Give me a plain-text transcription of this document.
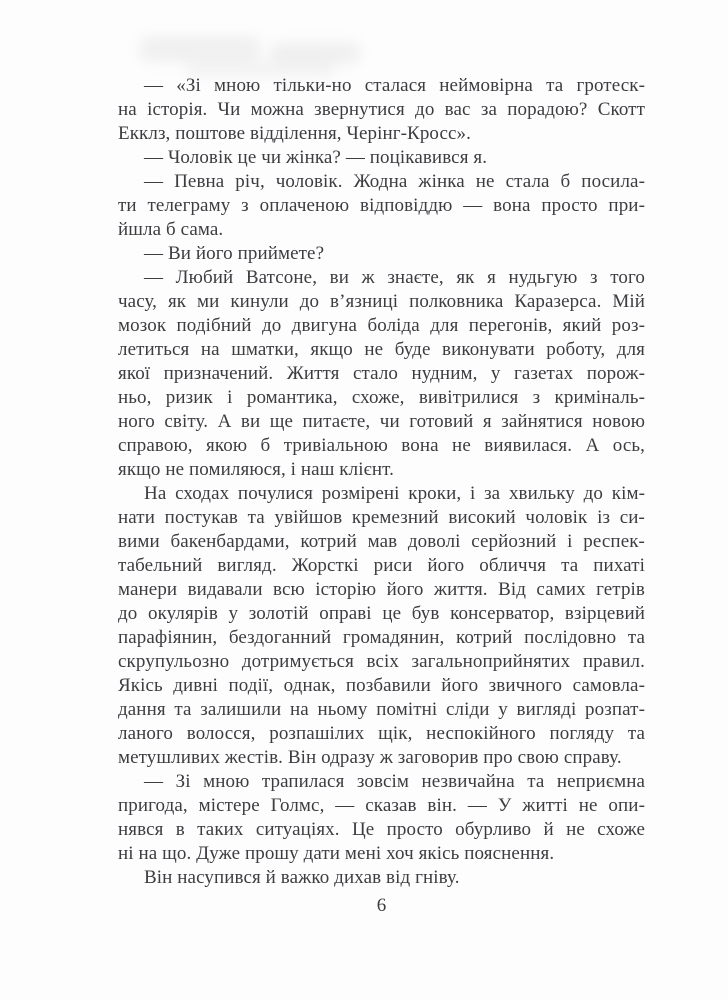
— «Зі мною тільки-но сталася неймовірна та гротеск-
на історія. Чи можна звернутися до вас за порадою? Скотт
Екклз, поштове відділення, Черінг-Кросс».
— Чоловік це чи жінка? — поцікавився я.
— Певна річ, чоловік. Жодна жінка не стала б посила-
ти телеграму з оплаченою відповіддю — вона просто при-
йшла б сама.
— Ви його приймете?
— Любий Ватсоне, ви ж знаєте, як я нудьгую з того
часу, як ми кинули до в’язниці полковника Каразерса. Мій
мозок подібний до двигуна боліда для перегонів, який роз-
летиться на шматки, якщо не буде виконувати роботу, для
якої призначений. Життя стало нудним, у газетах порож-
ньо, ризик і романтика, схоже, вивітрилися з криміналь-
ного світу. А ви ще питаєте, чи готовий я зайнятися новою
справою, якою б тривіальною вона не виявилася. А ось,
якщо не помиляюся, і наш клієнт.
На сходах почулися розмірені кроки, і за хвильку до кім-
нати постукав та увійшов кремезний високий чоловік із си-
вими бакенбардами, котрий мав доволі серйозний і респек-
табельний вигляд. Жорсткі риси його обличчя та пихаті
манери видавали всю історію його життя. Від самих гетрів
до окулярів у золотій оправі це був консерватор, взірцевий
парафіянин, бездоганний громадянин, котрий послідовно та
скрупульозно дотримується всіх загальноприйнятих правил.
Якісь дивні події, однак, позбавили його звичного самовла-
дання та залишили на ньому помітні сліди у вигляді розпат-
ланого волосся, розпашілих щік, неспокійного погляду та
метушливих жестів. Він одразу ж заговорив про свою справу.
— Зі мною трапилася зовсім незвичайна та неприємна
пригода, містере Голмс, — сказав він. — У житті не опи-
нявся в таких ситуаціях. Це просто обурливо й не схоже
ні на що. Дуже прошу дати мені хоч якісь пояснення.
Він насупився й важко дихав від гніву.
6
